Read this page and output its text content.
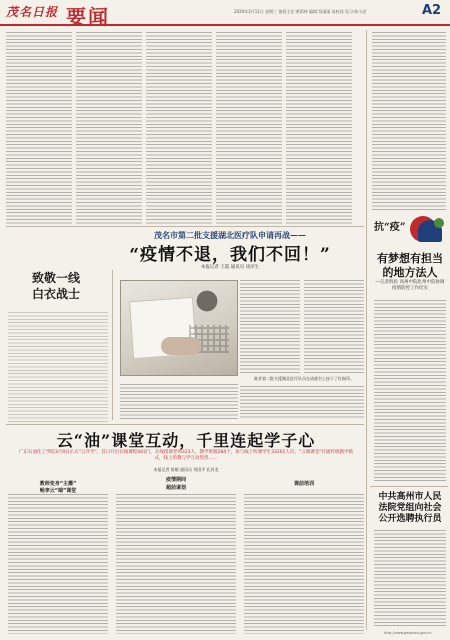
茂名日报 要闻	2020年3月11日 星期三 值班主任:黄荫林 编辑:蔡丽丽 再校读 见习:陈小虎	A2
茂名市第二批支援湖北医疗队申请再战——
“疫情不退，我们不回！”
本报记者 王霞 通讯员 徐泽生
致敬一线
白衣战士
陈芳第二批支援湖北医疗队员在请战书上按下了红指印。
抗“疫”
有梦想有担当
的地方法人
—记者海鱼 高州中院化州中院协调疫情防控工作纪实
云“油”课堂互动，千里连起学子心
广东石油化工学院3月9日正式“云开学”，首日开出在线课程443门，在线授课老师323人，教学班级284个，参与线上听课学生33201人次；“云端课堂”打破传统教学模式，线上的教与学互动热烈……
本报记者 陈敏 通讯员 刘国平 孔祥龙
教师变身“主播”
畅享云“端”课堂
疫情期间
超前谋划
课前培训
中共高州市人民
法院党组向社会
公开选聘执行员
http://www.gaozhou.gov.cn
